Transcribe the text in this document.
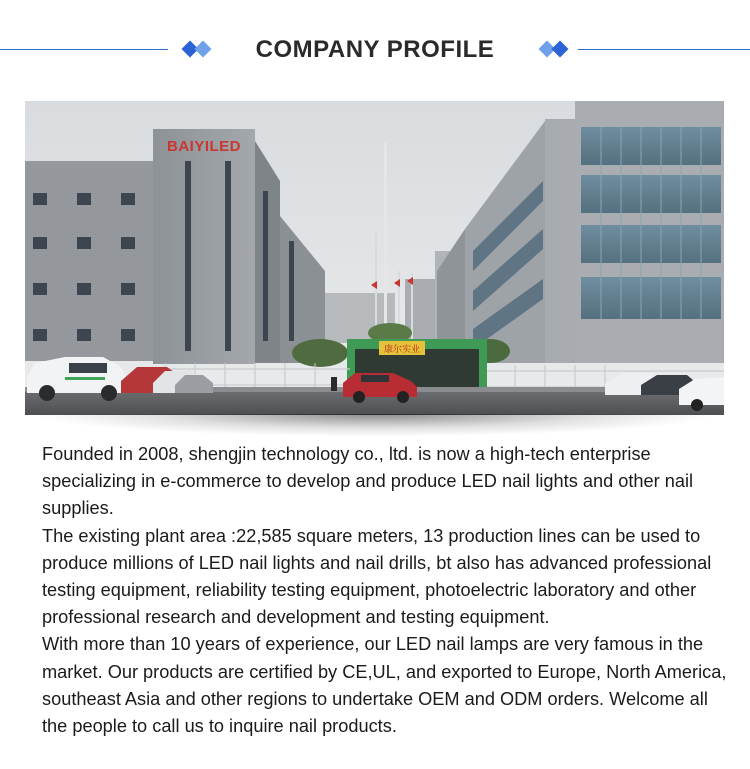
COMPANY PROFILE
BAIYILED
康尔实业

Founded in 2008, shengjin technology co., ltd. is now a high-tech enterprise specializing in e-commerce to develop and produce LED nail lights and other nail supplies.

The existing plant area :22,585 square meters, 13 production lines can be used to produce millions of LED nail lights and nail drills, bt also has advanced professional testing equipment, reliability testing equipment, photoelectric laboratory and other professional research and development and testing equipment.

With more than 10 years of experience, our LED nail lamps are very famous in the market. Our products are certified by CE,UL, and exported to Europe, North America, southeast Asia and other regions to undertake OEM and ODM orders. Welcome all the people to call us to inquire nail products.
